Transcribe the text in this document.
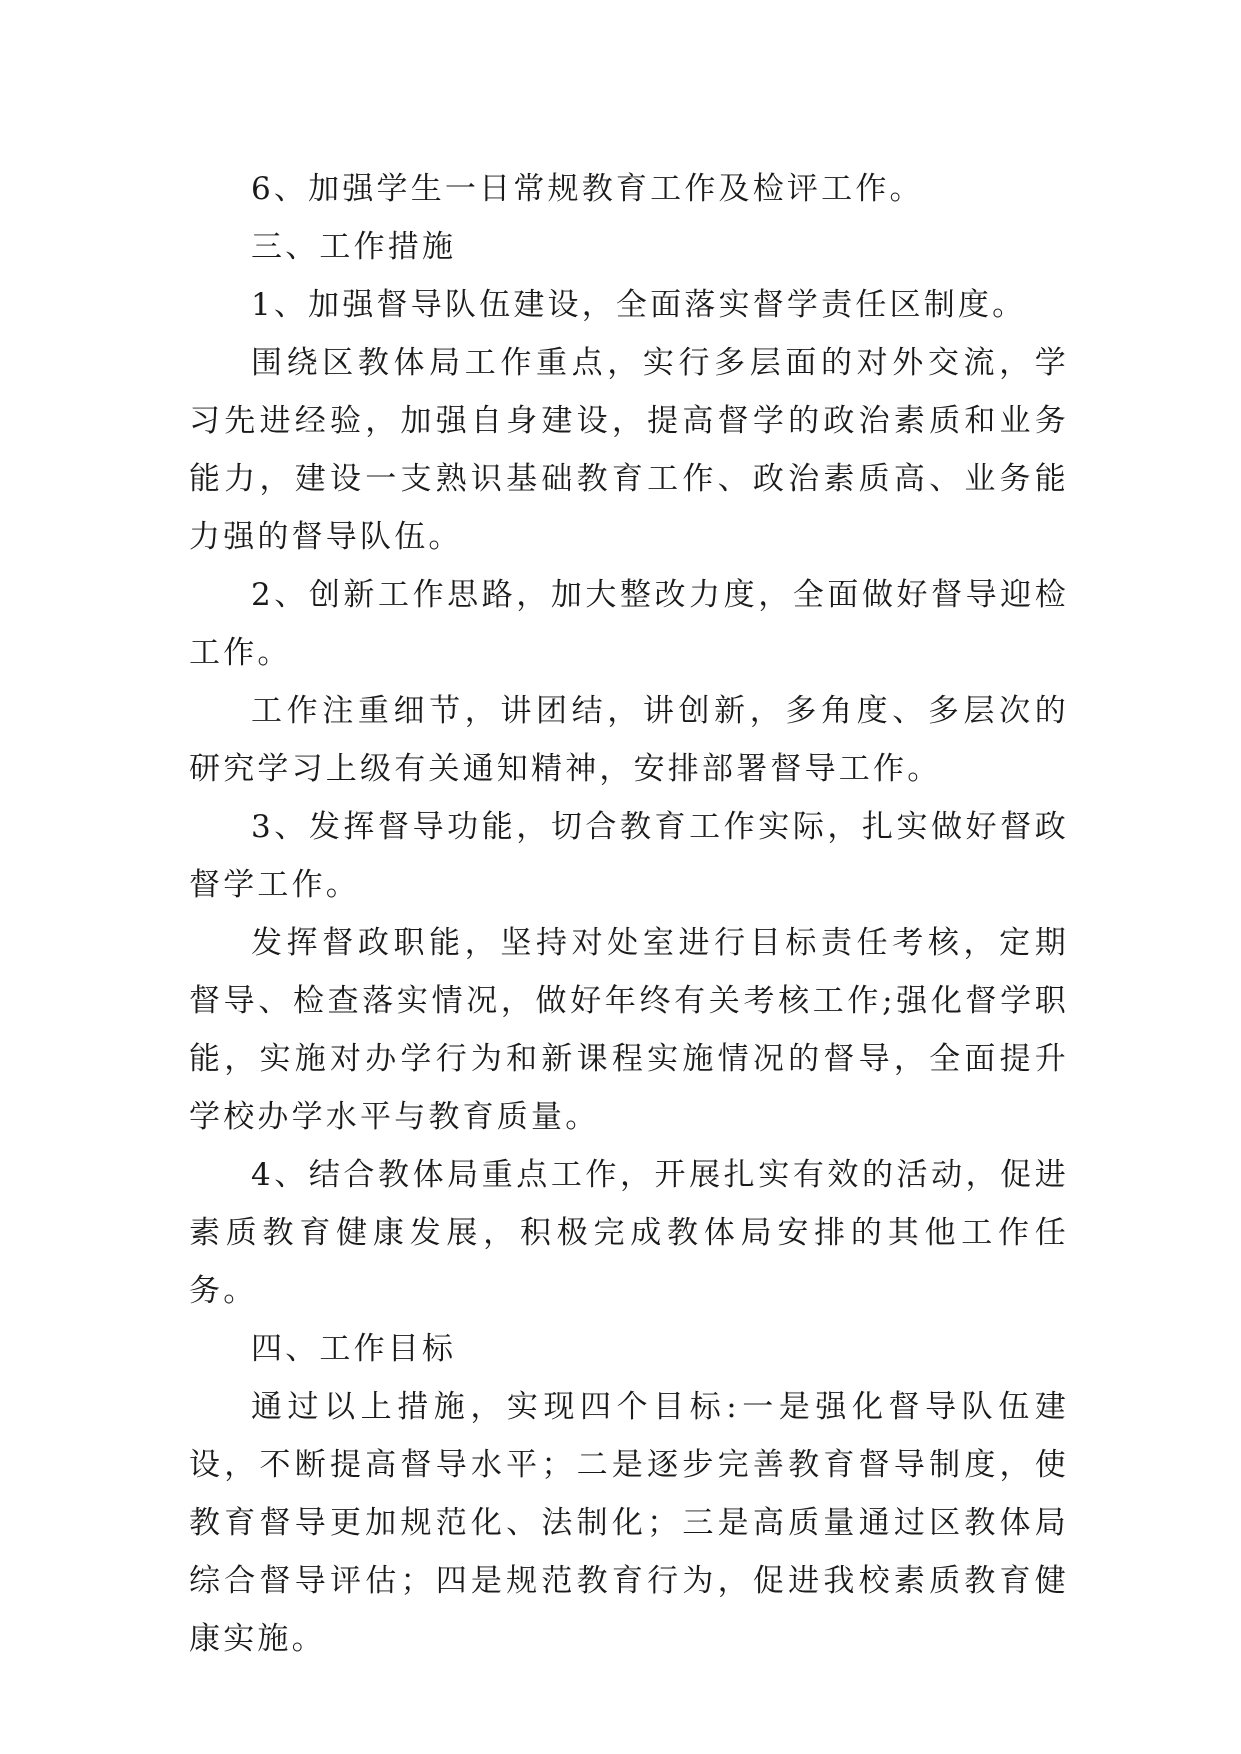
6、加强学生一日常规教育工作及检评工作。

三、工作措施

1、加强督导队伍建设，全面落实督学责任区制度。

围绕区教体局工作重点，实行多层面的对外交流，学习先进经验，加强自身建设，提高督学的政治素质和业务能力，建设一支熟识基础教育工作、政治素质高、业务能力强的督导队伍。

2、创新工作思路，加大整改力度，全面做好督导迎检工作。

工作注重细节，讲团结，讲创新，多角度、多层次的研究学习上级有关通知精神，安排部署督导工作。

3、发挥督导功能，切合教育工作实际，扎实做好督政督学工作。

发挥督政职能，坚持对处室进行目标责任考核，定期督导、检查落实情况，做好年终有关考核工作;强化督学职能，实施对办学行为和新课程实施情况的督导，全面提升学校办学水平与教育质量。

4、结合教体局重点工作，开展扎实有效的活动，促进素质教育健康发展，积极完成教体局安排的其他工作任务。

四、工作目标

通过以上措施，实现四个目标:一是强化督导队伍建设，不断提高督导水平；二是逐步完善教育督导制度，使教育督导更加规范化、法制化；三是高质量通过区教体局综合督导评估；四是规范教育行为，促进我校素质教育健康实施。
